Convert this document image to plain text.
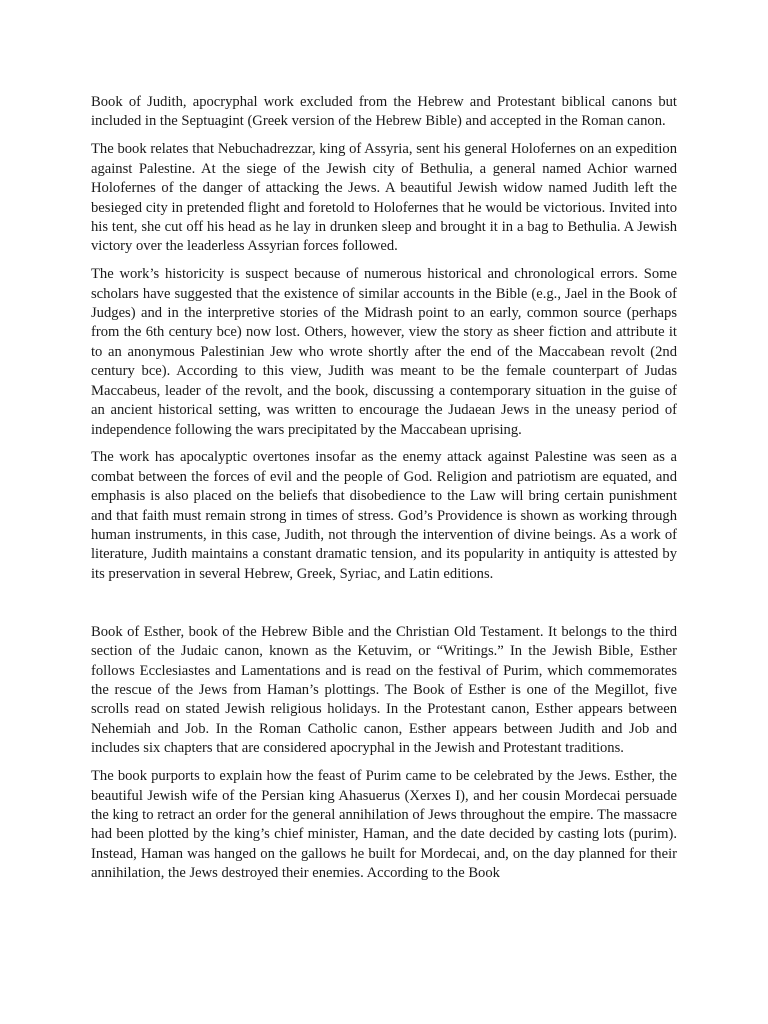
Book of Judith, apocryphal work excluded from the Hebrew and Protestant biblical canons but included in the Septuagint (Greek version of the Hebrew Bible) and accepted in the Roman canon.

The book relates that Nebuchadrezzar, king of Assyria, sent his general Holofernes on an expedition against Palestine. At the siege of the Jewish city of Bethulia, a general named Achior warned Holofernes of the danger of attacking the Jews. A beautiful Jewish widow named Judith left the besieged city in pretended flight and foretold to Holofernes that he would be victorious. Invited into his tent, she cut off his head as he lay in drunken sleep and brought it in a bag to Bethulia. A Jewish victory over the leaderless Assyrian forces followed.

The work’s historicity is suspect because of numerous historical and chronological errors. Some scholars have suggested that the existence of similar accounts in the Bible (e.g., Jael in the Book of Judges) and in the interpretive stories of the Midrash point to an early, common source (perhaps from the 6th century bce) now lost. Others, however, view the story as sheer fiction and attribute it to an anonymous Palestinian Jew who wrote shortly after the end of the Maccabean revolt (2nd century bce). According to this view, Judith was meant to be the female counterpart of Judas Maccabeus, leader of the revolt, and the book, discussing a contemporary situation in the guise of an ancient historical setting, was written to encourage the Judaean Jews in the uneasy period of independence following the wars precipitated by the Maccabean uprising.

The work has apocalyptic overtones insofar as the enemy attack against Palestine was seen as a combat between the forces of evil and the people of God. Religion and patriotism are equated, and emphasis is also placed on the beliefs that disobedience to the Law will bring certain punishment and that faith must remain strong in times of stress. God’s Providence is shown as working through human instruments, in this case, Judith, not through the intervention of divine beings. As a work of literature, Judith maintains a constant dramatic tension, and its popularity in antiquity is attested by its preservation in several Hebrew, Greek, Syriac, and Latin editions.

Book of Esther, book of the Hebrew Bible and the Christian Old Testament. It belongs to the third section of the Judaic canon, known as the Ketuvim, or “Writings.” In the Jewish Bible, Esther follows Ecclesiastes and Lamentations and is read on the festival of Purim, which commemorates the rescue of the Jews from Haman’s plottings. The Book of Esther is one of the Megillot, five scrolls read on stated Jewish religious holidays. In the Protestant canon, Esther appears between Nehemiah and Job. In the Roman Catholic canon, Esther appears between Judith and Job and includes six chapters that are considered apocryphal in the Jewish and Protestant traditions.

The book purports to explain how the feast of Purim came to be celebrated by the Jews. Esther, the beautiful Jewish wife of the Persian king Ahasuerus (Xerxes I), and her cousin Mordecai persuade the king to retract an order for the general annihilation of Jews throughout the empire. The massacre had been plotted by the king’s chief minister, Haman, and the date decided by casting lots (purim). Instead, Haman was hanged on the gallows he built for Mordecai, and, on the day planned for their annihilation, the Jews destroyed their enemies. According to the Book
